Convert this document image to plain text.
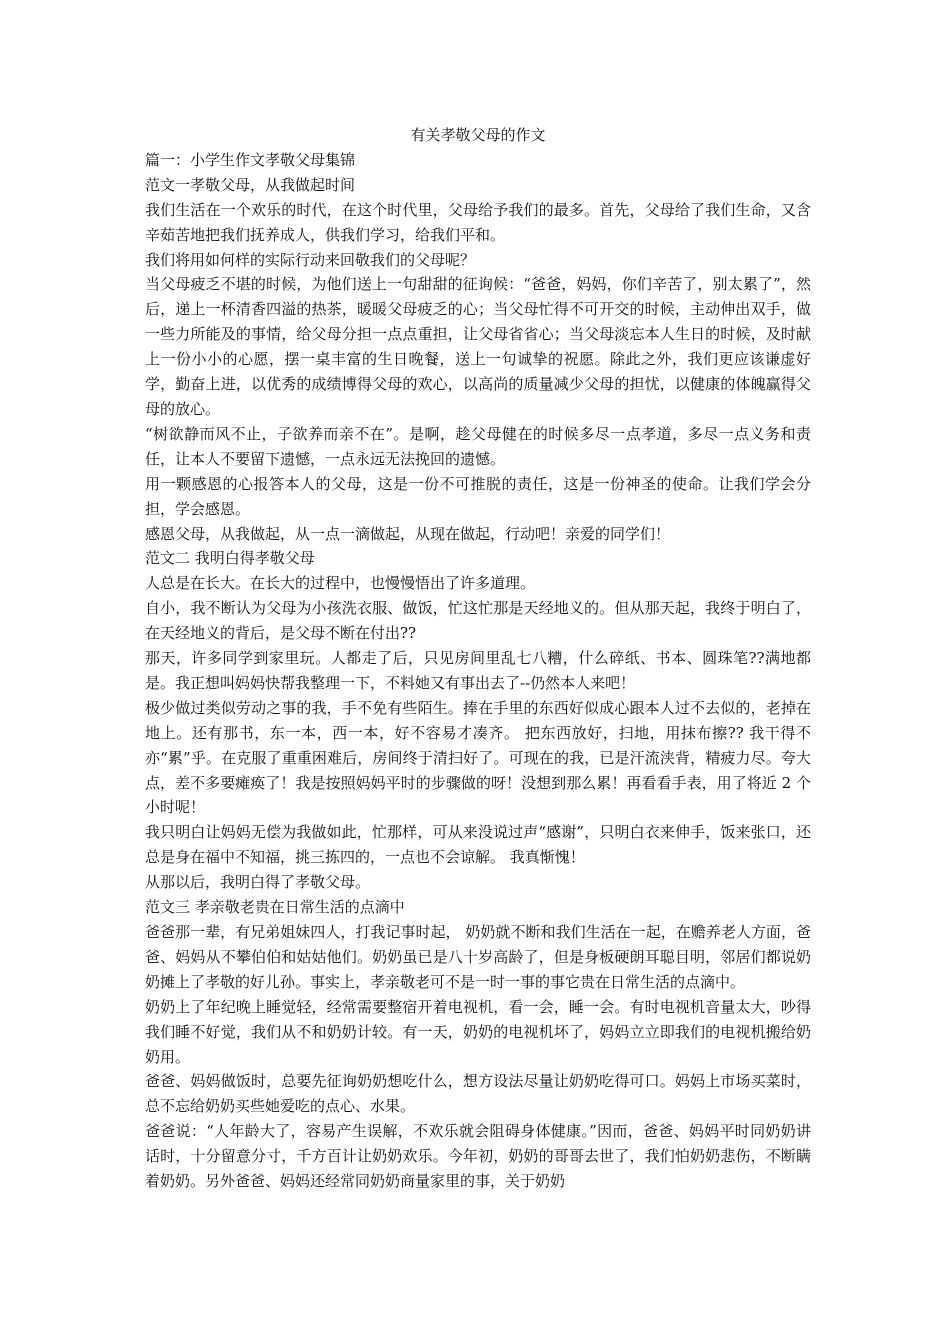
有关孝敬父母的作文

篇一：小学生作文孝敬父母集锦

范文一孝敬父母，从我做起时间

我们生活在一个欢乐的时代，在这个时代里，父母给予我们的最多。首先，父母给了我们生命，又含辛茹苦地把我们抚养成人，供我们学习，给我们平和。

我们将用如何样的实际行动来回敬我们的父母呢？

当父母疲乏不堪的时候，为他们送上一句甜甜的征询候：“爸爸，妈妈，你们辛苦了，别太累了”，然后，递上一杯清香四溢的热茶，暖暖父母疲乏的心；当父母忙得不可开交的时候，主动伸出双手，做一些力所能及的事情，给父母分担一点点重担，让父母省省心；当父母淡忘本人生日的时候，及时献上一份小小的心愿，摆一桌丰富的生日晚餐，送上一句诚挚的祝愿。除此之外，我们更应该谦虚好学，勤奋上进，以优秀的成绩博得父母的欢心，以高尚的质量减少父母的担忧，以健康的体魄赢得父母的放心。

“树欲静而风不止，子欲养而亲不在”。是啊，趁父母健在的时候多尽一点孝道，多尽一点义务和责任，让本人不要留下遗憾，一点永远无法挽回的遗憾。

用一颗感恩的心报答本人的父母，这是一份不可推脱的责任，这是一份神圣的使命。让我们学会分担，学会感恩。

感恩父母，从我做起，从一点一滴做起，从现在做起，行动吧！亲爱的同学们！

范文二 我明白得孝敬父母

人总是在长大。在长大的过程中，也慢慢悟出了许多道理。

自小，我不断认为父母为小孩洗衣服、做饭，忙这忙那是天经地义的。但从那天起，我终于明白了，在天经地义的背后，是父母不断在付出??

那天，许多同学到家里玩。人都走了后，只见房间里乱七八糟，什么碎纸、书本、圆珠笔??满地都是。我正想叫妈妈快帮我整理一下，不料她又有事出去了--仍然本人来吧！

极少做过类似劳动之事的我，手不免有些陌生。捧在手里的东西好似成心跟本人过不去似的，老掉在地上。还有那书，东一本，西一本，好不容易才凑齐。 把东西放好，扫地，用抹布擦?? 我干得不亦“累”乎。在克服了重重困难后，房间终于清扫好了。可现在的我，已是汗流浃背，精疲力尽。夸大点，差不多要瘫痪了！我是按照妈妈平时的步骤做的呀！没想到那么累！再看看手表，用了将近 2 个小时呢！

我只明白让妈妈无偿为我做如此，忙那样，可从来没说过声“感谢”，只明白衣来伸手，饭来张口，还总是身在福中不知福，挑三拣四的，一点也不会谅解。 我真惭愧！

从那以后，我明白得了孝敬父母。

范文三 孝亲敬老贵在日常生活的点滴中

爸爸那一辈，有兄弟姐妹四人，打我记事时起， 奶奶就不断和我们生活在一起，在赡养老人方面，爸爸、妈妈从不攀伯伯和姑姑他们。奶奶虽已是八十岁高龄了，但是身板硬朗耳聪目明，邻居们都说奶奶摊上了孝敬的好儿孙。事实上，孝亲敬老可不是一时一事的事它贵在日常生活的点滴中。

奶奶上了年纪晚上睡觉轻，经常需要整宿开着电视机，看一会，睡一会。有时电视机音量太大，吵得我们睡不好觉，我们从不和奶奶计较。有一天，奶奶的电视机坏了，妈妈立立即我们的电视机搬给奶奶用。

爸爸、妈妈做饭时，总要先征询奶奶想吃什么，想方设法尽量让奶奶吃得可口。妈妈上市场买菜时，总不忘给奶奶买些她爱吃的点心、水果。

爸爸说：“人年龄大了，容易产生误解，不欢乐就会阻碍身体健康。”因而，爸爸、妈妈平时同奶奶讲话时，十分留意分寸，千方百计让奶奶欢乐。今年初，奶奶的哥哥去世了，我们怕奶奶悲伤，不断瞒着奶奶。另外爸爸、妈妈还经常同奶奶商量家里的事，关于奶奶
